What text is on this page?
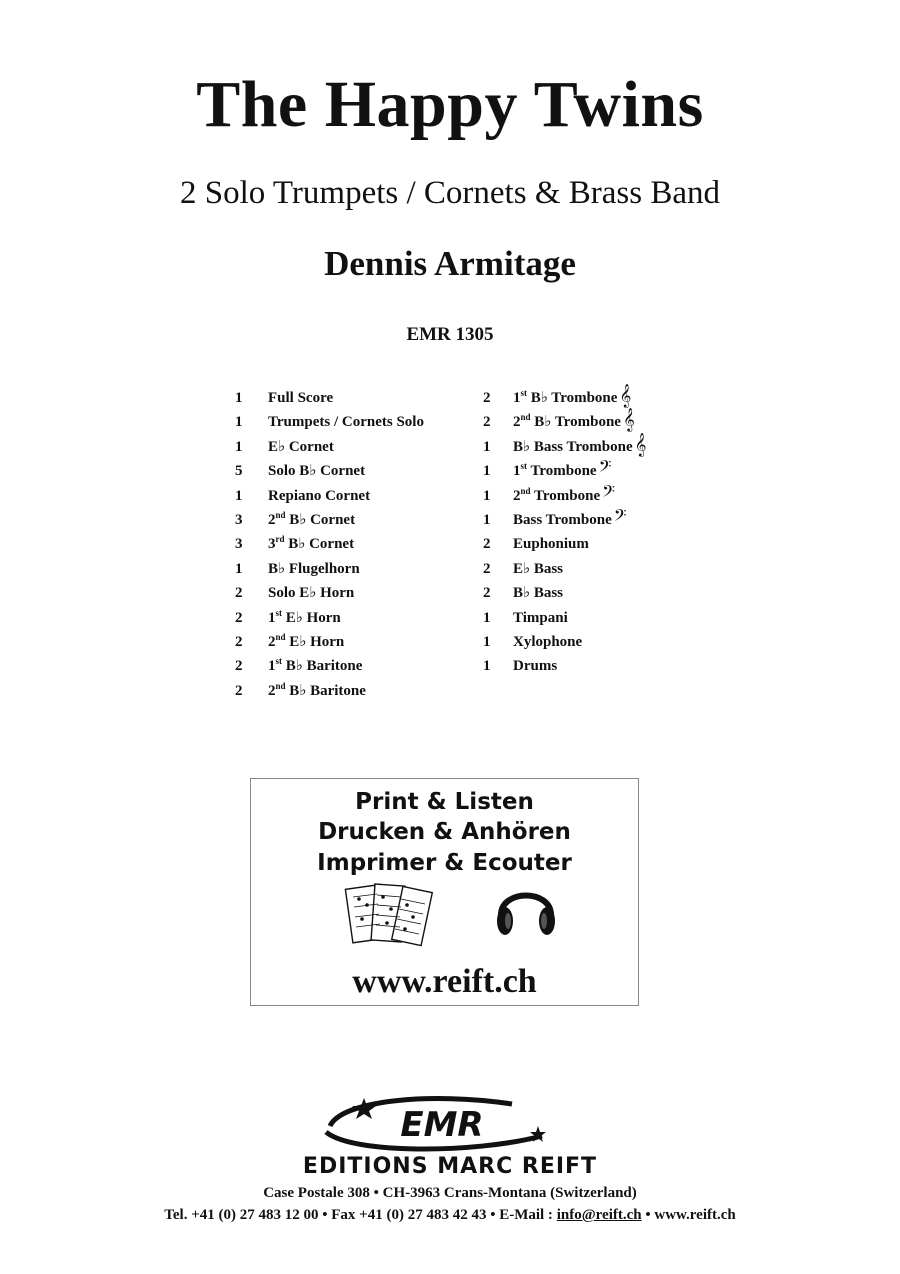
The Happy Twins
2 Solo Trumpets / Cornets & Brass Band
Dennis Armitage
EMR 1305
1 Full Score
1 Trumpets / Cornets Solo
1 E♭ Cornet
5 Solo B♭ Cornet
1 Repiano Cornet
3 2nd B♭ Cornet
3 3rd B♭ Cornet
1 B♭ Flugelhorn
2 Solo E♭ Horn
2 1st E♭ Horn
2 2nd E♭ Horn
2 1st B♭ Baritone
2 2nd B♭ Baritone
2 1st B♭ Trombone 𝄞
2 2nd B♭ Trombone 𝄞
1 B♭ Bass Trombone 𝄞
1 1st Trombone 𝄢
1 2nd Trombone 𝄢
1 Bass Trombone 𝄢
2 Euphonium
2 E♭ Bass
2 B♭ Bass
1 Timpani
1 Xylophone
1 Drums
Print & Listen
Drucken & Anhören
Imprimer & Ecouter
www.reift.ch
EMR
EDITIONS MARC REIFT
Case Postale 308 • CH-3963 Crans-Montana (Switzerland)
Tel. +41 (0) 27 483 12 00 • Fax +41 (0) 27 483 42 43 • E-Mail : info@reift.ch • www.reift.ch
